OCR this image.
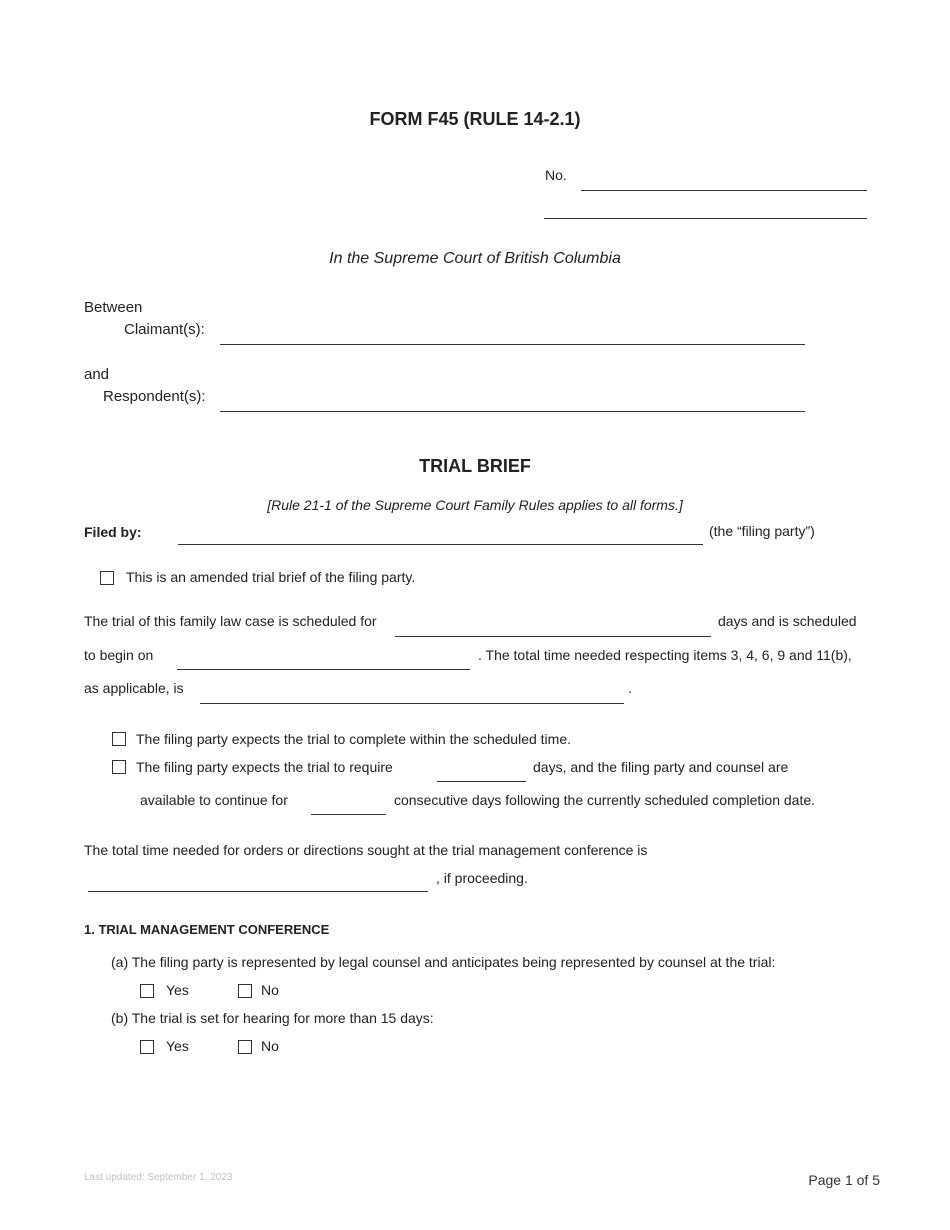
FORM F45 (RULE 14-2.1)
No.
In the Supreme Court of British Columbia
Between
Claimant(s):
and
Respondent(s):
TRIAL BRIEF
[Rule 21-1 of the Supreme Court Family Rules applies to all forms.]
Filed by:	(the “filing party”)
This is an amended trial brief of the filing party.
The trial of this family law case is scheduled for	days and is scheduled
to begin on	. The total time needed respecting items 3, 4, 6, 9 and 11(b),
as applicable, is	.
The filing party expects the trial to complete within the scheduled time.
The filing party expects the trial to require	days, and the filing party and counsel are
available to continue for	consecutive days following the currently scheduled completion date.
The total time needed for orders or directions sought at the trial management conference is
, if proceeding.
1. TRIAL MANAGEMENT CONFERENCE
(a) The filing party is represented by legal counsel and anticipates being represented by counsel at the trial:
Yes	No
(b) The trial is set for hearing for more than 15 days:
Yes	No
Last updated: September 1, 2023	Page 1 of 5
